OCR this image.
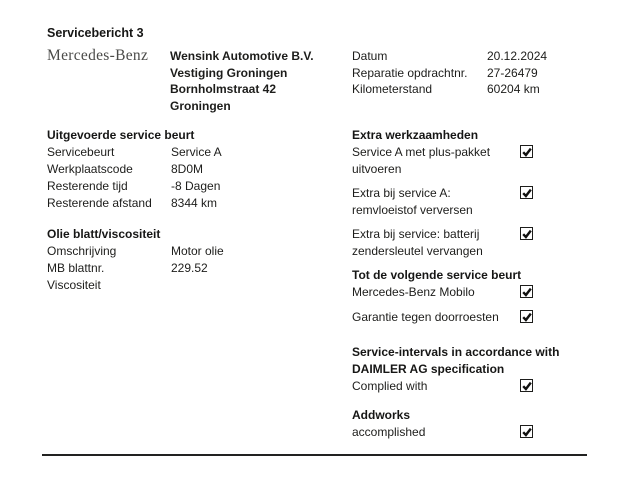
Servicebericht 3
Mercedes-Benz Wensink Automotive B.V.
Vestiging Groningen
Bornholmstraat 42
Groningen
Datum	20.12.2024
Reparatie opdrachtnr.	27-26479
Kilometerstand	60204 km
Uitgevoerde service beurt
Servicebeurt	Service A
Werkplaatscode	8D0M
Resterende tijd	-8 Dagen
Resterende afstand	8344 km
Olie blatt/viscositeit
Omschrijving	Motor olie
MB blattnr.	229.52
Viscositeit
Extra werkzaamheden
Service A met plus-pakket uitvoeren
Extra bij service A: remvloeistof verversen
Extra bij service: batterij zendersleutel vervangen
Tot de volgende service beurt
Mercedes-Benz Mobilo
Garantie tegen doorroesten
Service-intervals in accordance with DAIMLER AG specification
Complied with
Addworks
accomplished
